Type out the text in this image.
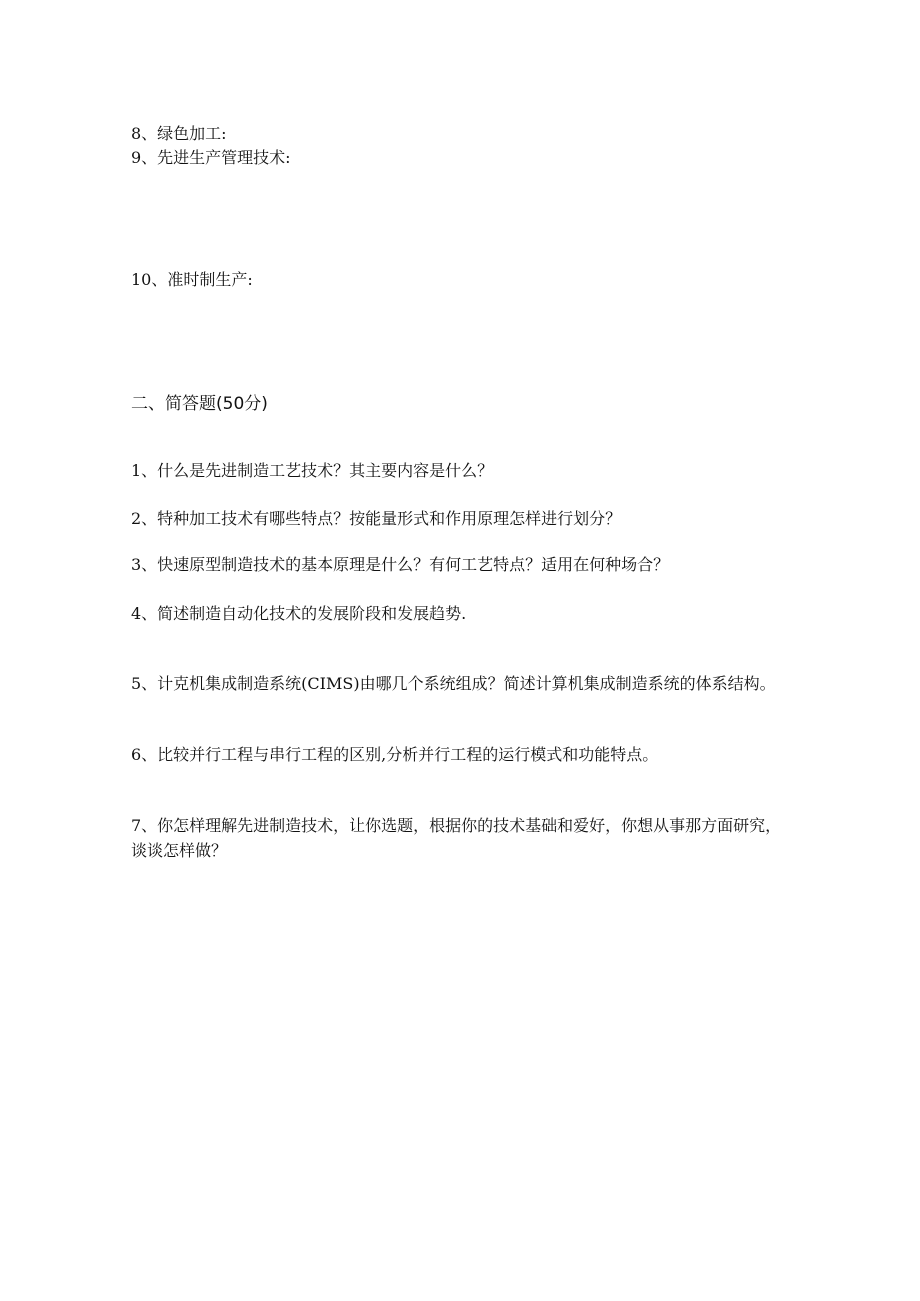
8、绿色加工:
9、先进生产管理技术:
10、准时制生产:
二、简答题(50分)
1、什么是先进制造工艺技术？其主要内容是什么？
2、特种加工技术有哪些特点？按能量形式和作用原理怎样进行划分？
3、快速原型制造技术的基本原理是什么？有何工艺特点？适用在何种场合？
4、简述制造自动化技术的发展阶段和发展趋势.
5、计克机集成制造系统(CIMS)由哪几个系统组成？简述计算机集成制造系统的体系结构。
6、比较并行工程与串行工程的区别,分析并行工程的运行模式和功能特点。
7、你怎样理解先进制造技术，让你选题，根据你的技术基础和爱好，你想从事那方面研究，谈谈怎样做？
